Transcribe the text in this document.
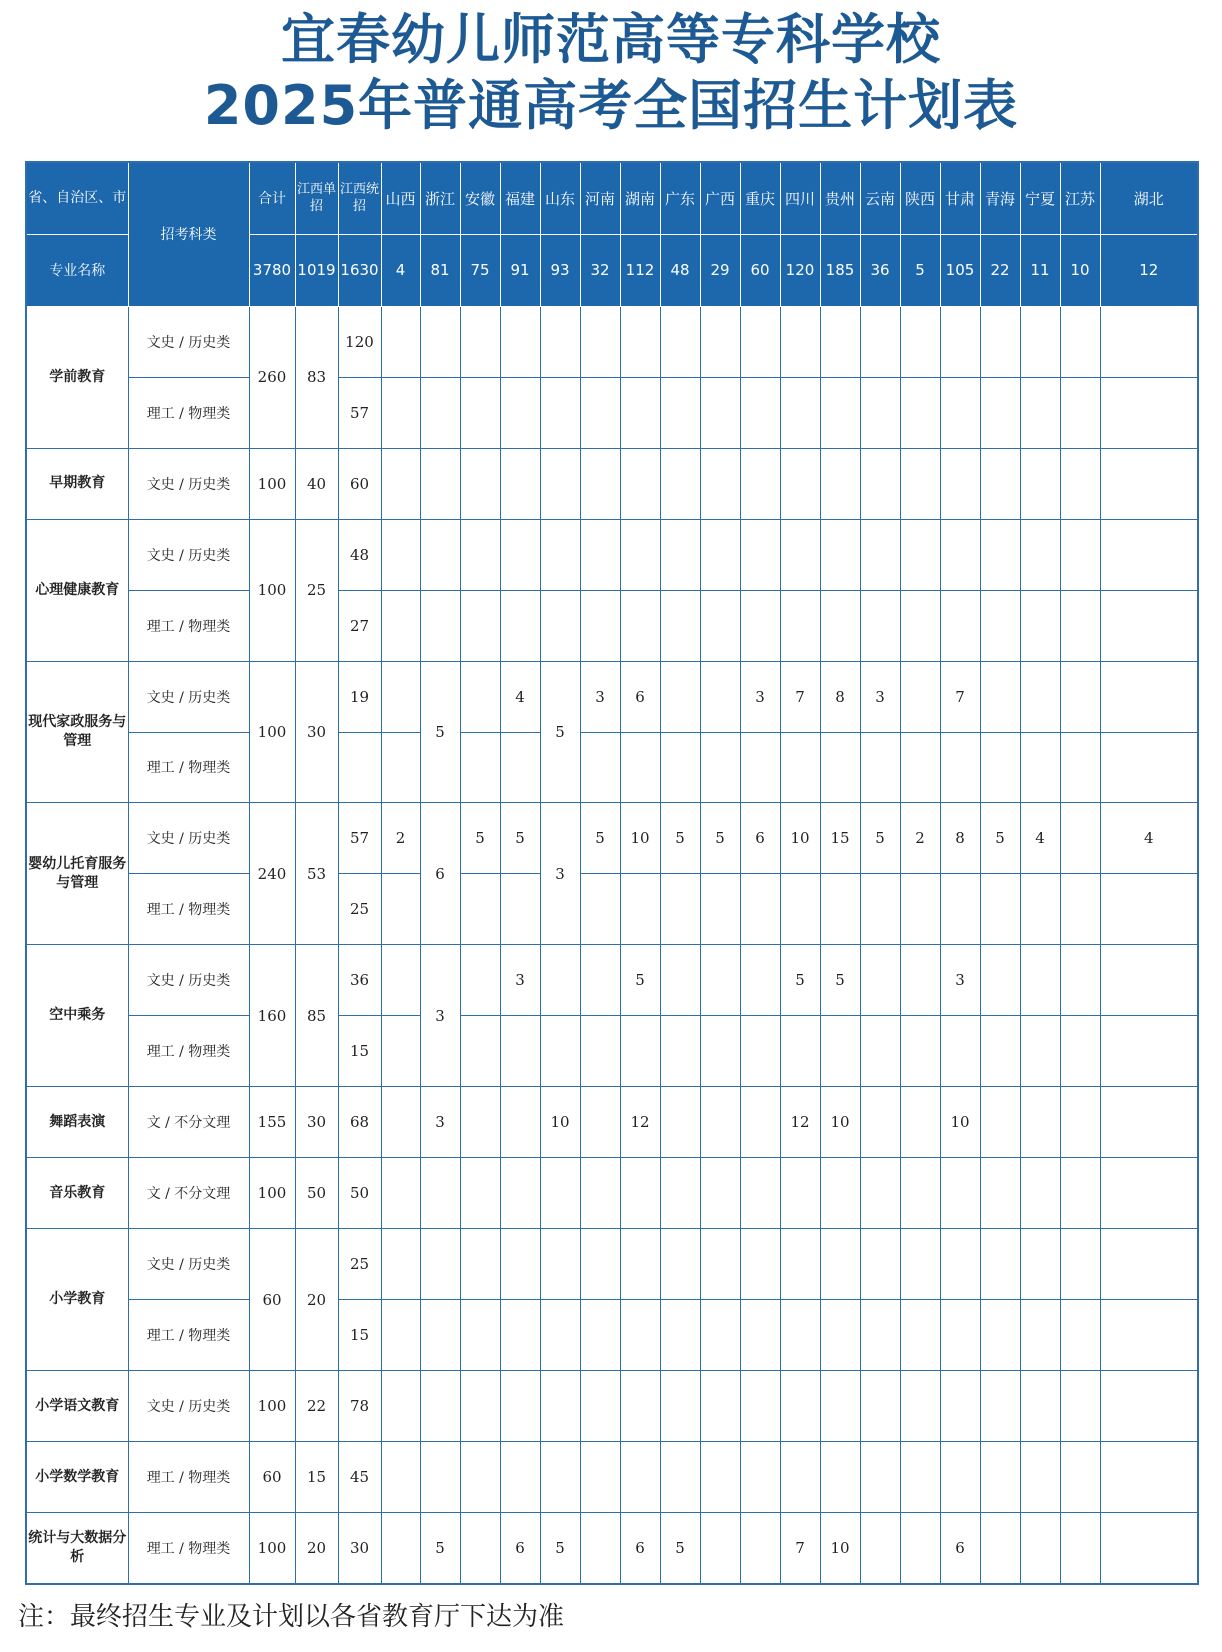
宜春幼儿师范高等专科学校
2025年普通高考全国招生计划表
省、自治区、市	招考科类	合计	江西单招	江西统招	山西	浙江	安徽	福建	山东	河南	湖南	广东	广西	重庆	四川	贵州	云南	陕西	甘肃	青海	宁夏	江苏	湖北
专业名称		3780	1019	1630	4	81	75	91	93	32	112	48	29	60	120	185	36	5	105	22	11	10	12
学前教育	文史 / 历史类	260	83	120																			
	理工 / 物理类			57																			
早期教育	文史 / 历史类	100	40	60																			
心理健康教育	文史 / 历史类	100	25	48																			
	理工 / 物理类			27																			
现代家政服务与管理	文史 / 历史类	100	30	19		5		4	5	3	6			3	7	8	3		7				
	理工 / 物理类																						
婴幼儿托育服务与管理	文史 / 历史类	240	53	57	2	6	5	5	3	5	10	5	5	6	10	15	5	2	8	5	4		4
	理工 / 物理类			25																			
空中乘务	文史 / 历史类	160	85	36		3		3			5				5	5			3				
	理工 / 物理类			15																			
舞蹈表演	文 / 不分文理	155	30	68		3			10		12				12	10			10				
音乐教育	文 / 不分文理	100	50	50																			
小学教育	文史 / 历史类	60	20	25																			
	理工 / 物理类			15																			
小学语文教育	文史 / 历史类	100	22	78																			
小学数学教育	理工 / 物理类	60	15	45																			
统计与大数据分析	理工 / 物理类	100	20	30		5		6	5		6	5			7	10			6				
注：最终招生专业及计划以各省教育厅下达为准
